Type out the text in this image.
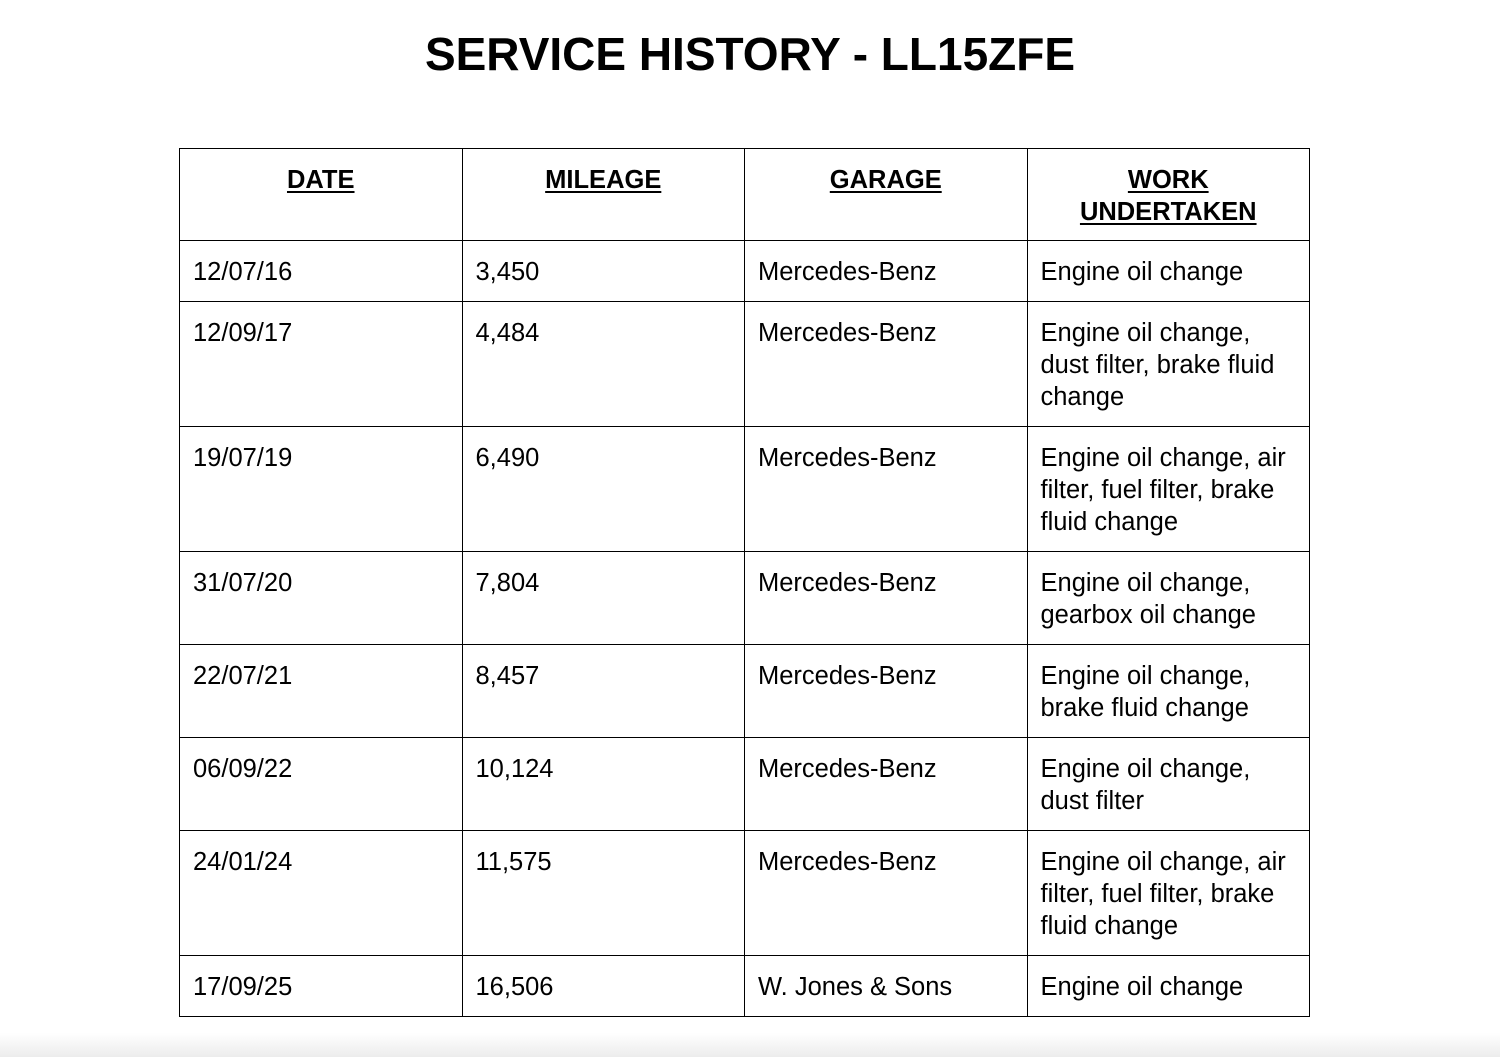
SERVICE HISTORY - LL15ZFE
DATE	MILEAGE	GARAGE	WORK UNDERTAKEN
12/07/16	3,450	Mercedes-Benz	Engine oil change
12/09/17	4,484	Mercedes-Benz	Engine oil change, dust filter, brake fluid change
19/07/19	6,490	Mercedes-Benz	Engine oil change, air filter, fuel filter, brake fluid change
31/07/20	7,804	Mercedes-Benz	Engine oil change, gearbox oil change
22/07/21	8,457	Mercedes-Benz	Engine oil change, brake fluid change
06/09/22	10,124	Mercedes-Benz	Engine oil change, dust filter
24/01/24	11,575	Mercedes-Benz	Engine oil change, air filter, fuel filter, brake fluid change
17/09/25	16,506	W. Jones & Sons	Engine oil change
